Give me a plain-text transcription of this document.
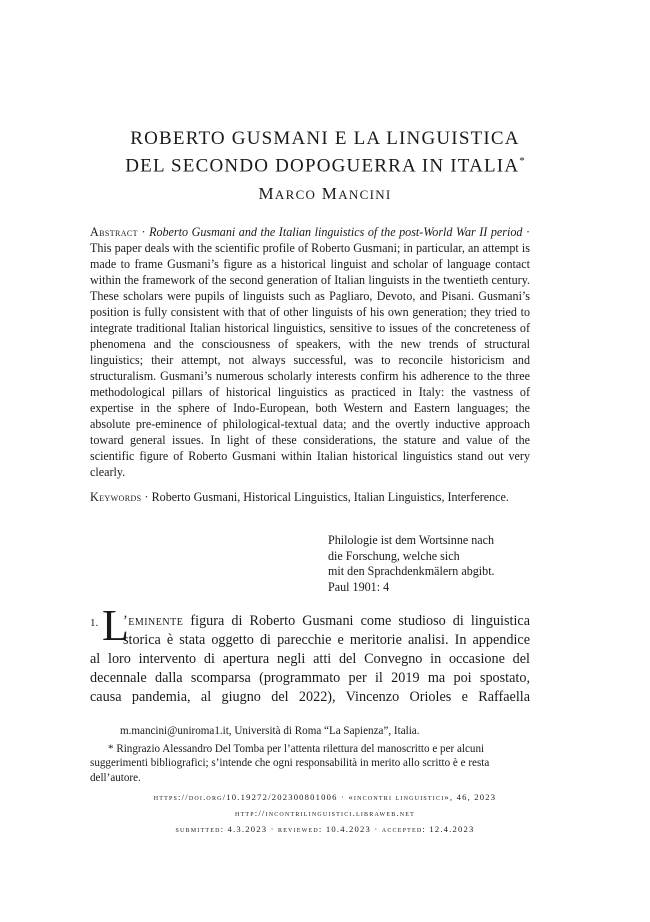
ROBERTO GUSMANI E LA LINGUISTICA
DEL SECONDO DOPOGUERRA IN ITALIA*
MARCO MANCINI

Abstract · Roberto Gusmani and the Italian linguistics of the post-World War II period · This paper deals with the scientific profile of Roberto Gusmani; in particular, an attempt is made to frame Gusmani’s figure as a historical linguist and scholar of language contact within the framework of the second generation of Italian linguists in the twentieth century. These scholars were pupils of linguists such as Pagliaro, Devoto, and Pisani. Gusmani’s position is fully consistent with that of other linguists of his own generation; they tried to integrate traditional Italian historical linguistics, sensitive to issues of the concreteness of phenomena and the consciousness of speakers, with the new trends of structural linguistics; their attempt, not always successful, was to reconcile historicism and structuralism. Gusmani’s numerous scholarly interests confirm his adherence to the three methodological pillars of historical linguistics as practiced in Italy: the vastness of expertise in the sphere of Indo-European, both Western and Eastern languages; the absolute pre-eminence of philological-textual data; and the overtly inductive approach toward general issues. In light of these considerations, the stature and value of the scientific figure of Roberto Gusmani within Italian historical linguistics stand out very clearly.

Keywords · Roberto Gusmani, Historical Linguistics, Italian Linguistics, Interference.

Philologie ist dem Wortsinne nach
die Forschung, welche sich
mit den Sprachdenkmälern abgibt.
Paul 1901: 4
1. L
’eminente figura di Roberto Gusmani come studioso di linguistica
storica è stata oggetto di parecchie e meritorie analisi. In appendice
al loro intervento di apertura negli atti del Convegno in occasione del
decennale dalla scomparsa (programmato per il 2019 ma poi spostato,
causa pandemia, al giugno del 2022), Vincenzo Orioles e Raffaella

m.mancini@uniroma1.it, Università di Roma “La Sapienza”, Italia.

* Ringrazio Alessandro Del Tomba per l’attenta rilettura del manoscritto e per alcuni suggerimenti bibliografici; s’intende che ogni responsabilità in merito allo scritto è e resta dell’autore.

https://doi.org/10.19272/202300801006 · «incontri linguistici», 46, 2023
http://incontrilinguistici.libraweb.net
submitted: 4.3.2023 · reviewed: 10.4.2023 · accepted: 12.4.2023
